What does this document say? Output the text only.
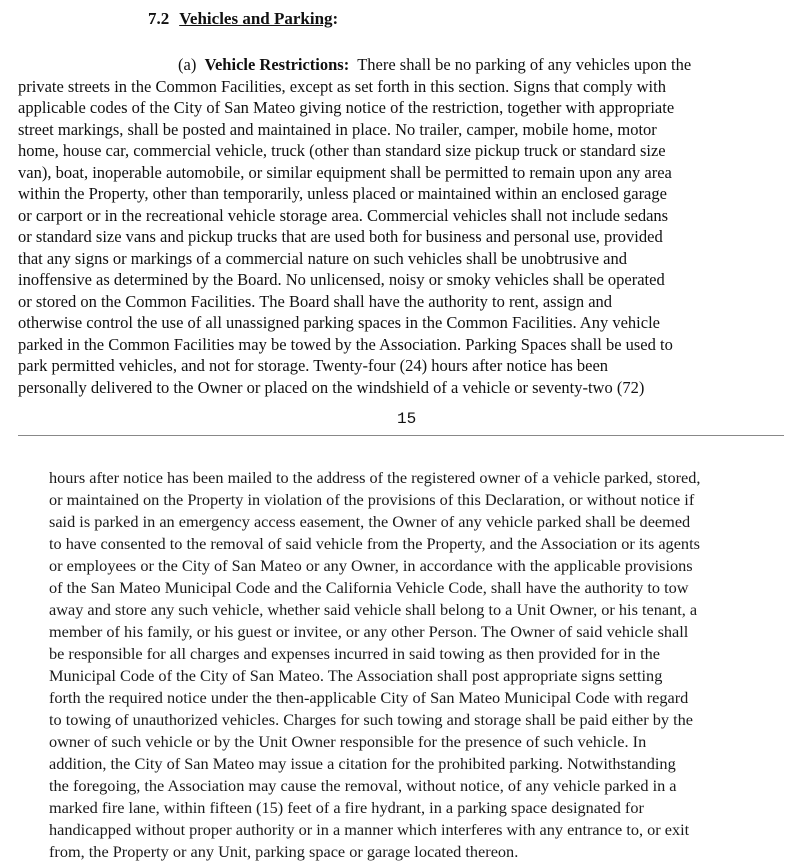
7.2 Vehicles and Parking:
(a) Vehicle Restrictions: There shall be no parking of any vehicles upon the
private streets in the Common Facilities, except as set forth in this section. Signs that comply with
applicable codes of the City of San Mateo giving notice of the restriction, together with appropriate
street markings, shall be posted and maintained in place. No trailer, camper, mobile home, motor
home, house car, commercial vehicle, truck (other than standard size pickup truck or standard size
van), boat, inoperable automobile, or similar equipment shall be permitted to remain upon any area
within the Property, other than temporarily, unless placed or maintained within an enclosed garage
or carport or in the recreational vehicle storage area. Commercial vehicles shall not include sedans
or standard size vans and pickup trucks that are used both for business and personal use, provided
that any signs or markings of a commercial nature on such vehicles shall be unobtrusive and
inoffensive as determined by the Board. No unlicensed, noisy or smoky vehicles shall be operated
or stored on the Common Facilities. The Board shall have the authority to rent, assign and
otherwise control the use of all unassigned parking spaces in the Common Facilities. Any vehicle
parked in the Common Facilities may be towed by the Association. Parking Spaces shall be used to
park permitted vehicles, and not for storage. Twenty-four (24) hours after notice has been
personally delivered to the Owner or placed on the windshield of a vehicle or seventy-two (72)
15
hours after notice has been mailed to the address of the registered owner of a vehicle parked, stored,
or maintained on the Property in violation of the provisions of this Declaration, or without notice if
said is parked in an emergency access easement, the Owner of any vehicle parked shall be deemed
to have consented to the removal of said vehicle from the Property, and the Association or its agents
or employees or the City of San Mateo or any Owner, in accordance with the applicable provisions
of the San Mateo Municipal Code and the California Vehicle Code, shall have the authority to tow
away and store any such vehicle, whether said vehicle shall belong to a Unit Owner, or his tenant, a
member of his family, or his guest or invitee, or any other Person. The Owner of said vehicle shall
be responsible for all charges and expenses incurred in said towing as then provided for in the
Municipal Code of the City of San Mateo. The Association shall post appropriate signs setting
forth the required notice under the then-applicable City of San Mateo Municipal Code with regard
to towing of unauthorized vehicles. Charges for such towing and storage shall be paid either by the
owner of such vehicle or by the Unit Owner responsible for the presence of such vehicle. In
addition, the City of San Mateo may issue a citation for the prohibited parking. Notwithstanding
the foregoing, the Association may cause the removal, without notice, of any vehicle parked in a
marked fire lane, within fifteen (15) feet of a fire hydrant, in a parking space designated for
handicapped without proper authority or in a manner which interferes with any entrance to, or exit
from, the Property or any Unit, parking space or garage located thereon.
